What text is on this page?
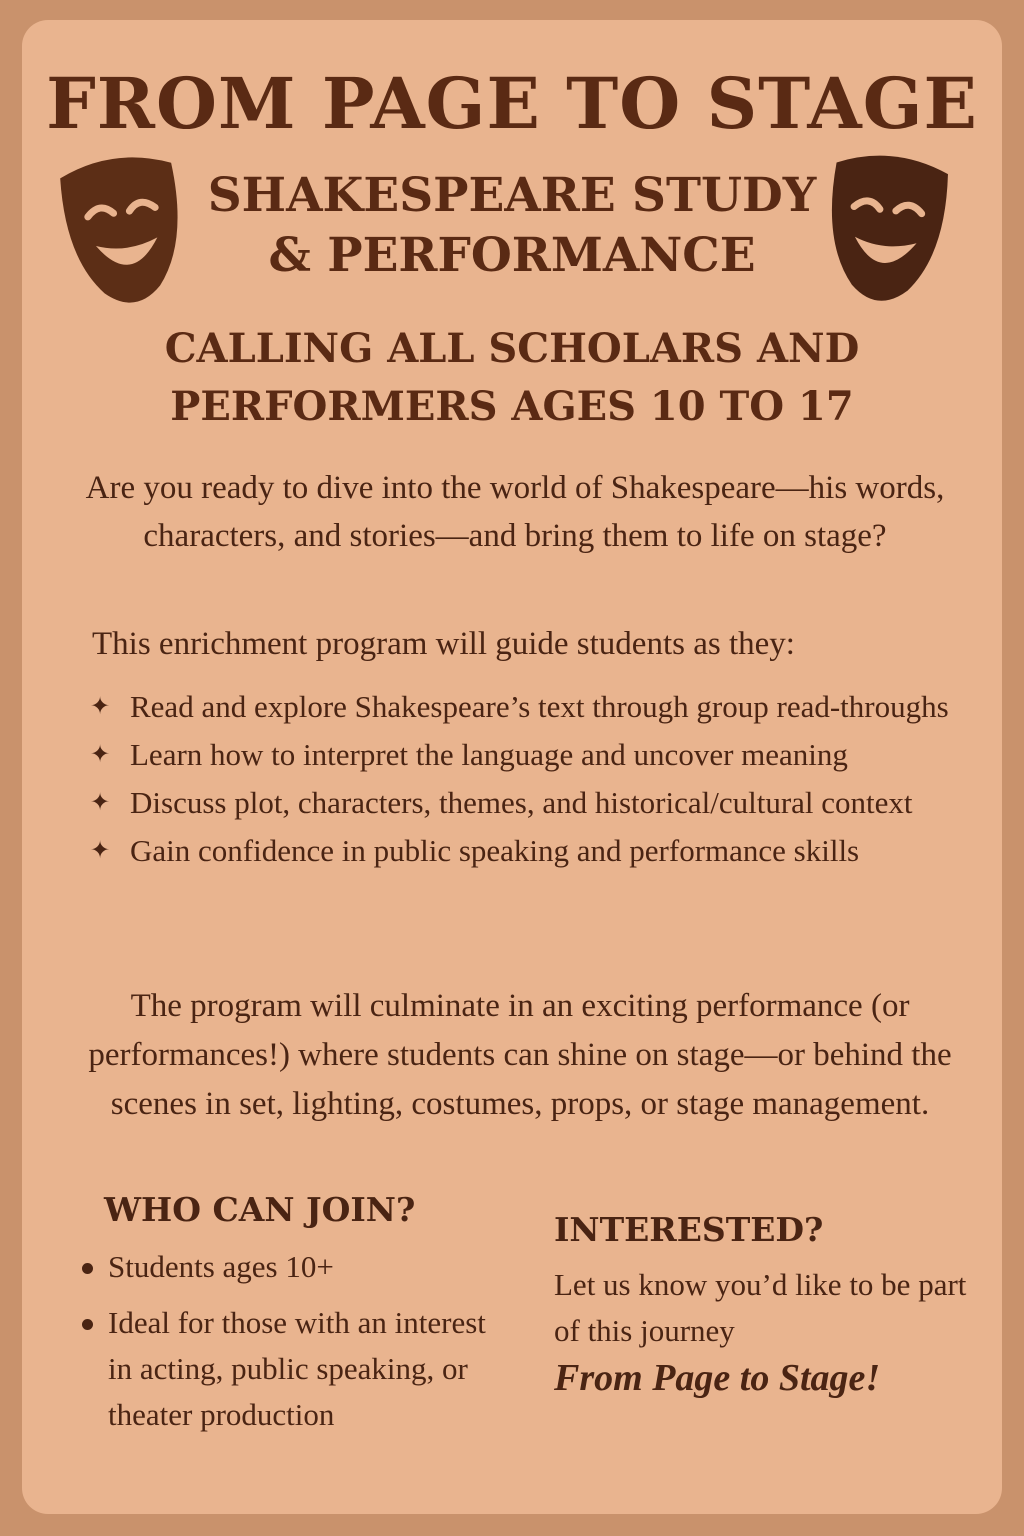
FROM PAGE TO STAGE
SHAKESPEARE STUDY
& PERFORMANCE
CALLING ALL SCHOLARS AND
PERFORMERS AGES 10 TO 17
Are you ready to dive into the world of Shakespeare—his words, characters, and stories—and bring them to life on stage?
This enrichment program will guide students as they:
✦ Read and explore Shakespeare’s text through group read-throughs
✦ Learn how to interpret the language and uncover meaning
✦ Discuss plot, characters, themes, and historical/cultural context
✦ Gain confidence in public speaking and performance skills
The program will culminate in an exciting performance (or performances!) where students can shine on stage—or behind the scenes in set, lighting, costumes, props, or stage management.
WHO CAN JOIN?
Students ages 10+
Ideal for those with an interest in acting, public speaking, or theater production
INTERESTED?
Let us know you’d like to be part of this journey
From Page to Stage!
